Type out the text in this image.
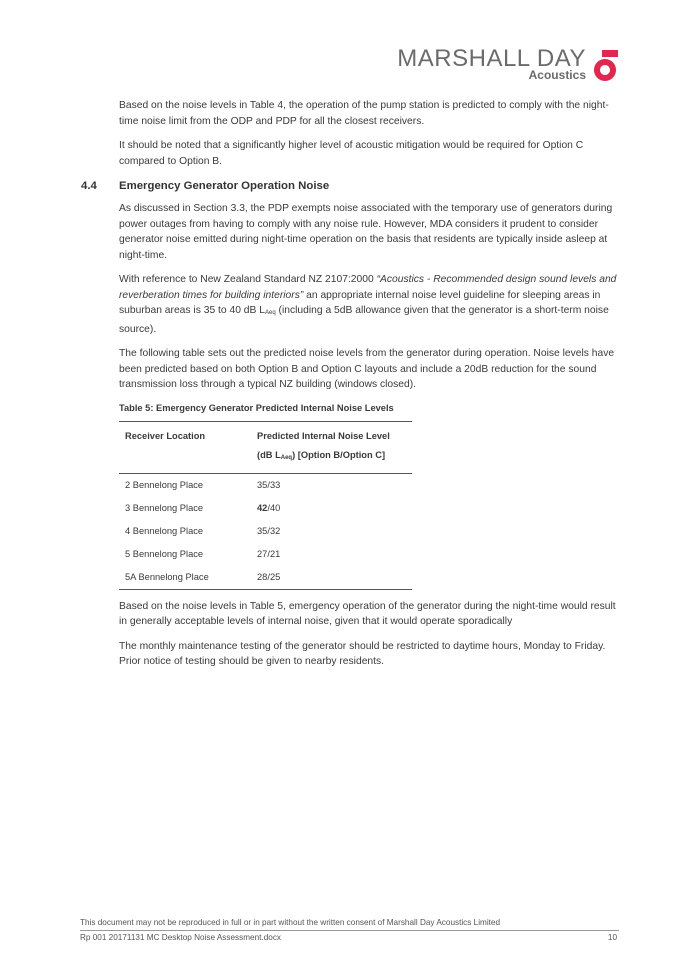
MARSHALL DAY
Acoustics

Based on the noise levels in Table 4, the operation of the pump station is predicted to comply with the night-time noise limit from the ODP and PDP for all the closest receivers.

It should be noted that a significantly higher level of acoustic mitigation would be required for Option C compared to Option B.

4.4 Emergency Generator Operation Noise

As discussed in Section 3.3, the PDP exempts noise associated with the temporary use of generators during power outages from having to comply with any noise rule. However, MDA considers it prudent to consider generator noise emitted during night-time operation on the basis that residents are typically inside asleep at night-time.

With reference to New Zealand Standard NZ 2107:2000 “Acoustics - Recommended design sound levels and reverberation times for building interiors” an appropriate internal noise level guideline for sleeping areas in suburban areas is 35 to 40 dB $L_{Aeq}$ (including a 5dB allowance given that the generator is a short-term noise source).

The following table sets out the predicted noise levels from the generator during operation. Noise levels have been predicted based on both Option B and Option C layouts and include a 20dB reduction for the sound transmission loss through a typical NZ building (windows closed).

Table 5: Emergency Generator Predicted Internal Noise Levels
Receiver Location	Predicted Internal Noise Level
(dB $L_{Aeq}$) [Option B/Option C]

2 Bennelong Place	35/33
3 Bennelong Place	42/40
4 Bennelong Place	35/32
5 Bennelong Place	27/21
5A Bennelong Place	28/25

Based on the noise levels in Table 5, emergency operation of the generator during the night-time would result in generally acceptable levels of internal noise, given that it would operate sporadically

The monthly maintenance testing of the generator should be restricted to daytime hours, Monday to Friday. Prior notice of testing should be given to nearby residents.

This document may not be reproduced in full or in part without the written consent of Marshall Day Acoustics Limited
Rp 001 20171131 MC Desktop Noise Assessment.docx	10
